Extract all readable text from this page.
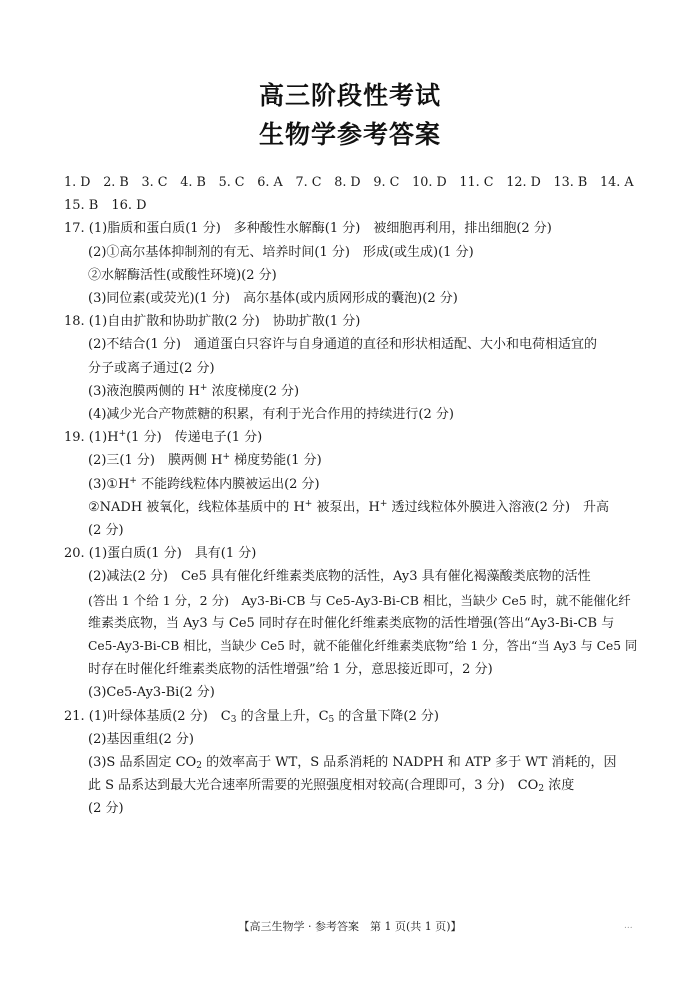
高三阶段性考试
生物学参考答案
1. D　2. B　3. C　4. B　5. C　6. A　7. C　8. D　9. C　10. D　11. C　12. D　13. B　14. A
15. B　16. D
17. (1)脂质和蛋白质(1 分)　多种酸性水解酶(1 分)　被细胞再利用，排出细胞(2 分)
(2)①高尔基体抑制剂的有无、培养时间(1 分)　形成(或生成)(1 分)
②水解酶活性(或酸性环境)(2 分)
(3)同位素(或荧光)(1 分)　高尔基体(或内质网形成的囊泡)(2 分)
18. (1)自由扩散和协助扩散(2 分)　协助扩散(1 分)
(2)不结合(1 分)　通道蛋白只容许与自身通道的直径和形状相适配、大小和电荷相适宜的
分子或离子通过(2 分)
(3)液泡膜两侧的 H+ 浓度梯度(2 分)
(4)减少光合产物蔗糖的积累，有利于光合作用的持续进行(2 分)
19. (1)H+(1 分)　传递电子(1 分)
(2)三(1 分)　膜两侧 H+ 梯度势能(1 分)
(3)①H+ 不能跨线粒体内膜被运出(2 分)
②NADH 被氧化，线粒体基质中的 H+ 被泵出，H+ 透过线粒体外膜进入溶液(2 分)　升高
(2 分)
20. (1)蛋白质(1 分)　具有(1 分)
(2)减法(2 分)　Ce5 具有催化纤维素类底物的活性，Ay3 具有催化褐藻酸类底物的活性
(答出 1 个给 1 分，2 分)　Ay3-Bi-CB 与 Ce5-Ay3-Bi-CB 相比，当缺少 Ce5 时，就不能催化纤
维素类底物，当 Ay3 与 Ce5 同时存在时催化纤维素类底物的活性增强(答出“Ay3-Bi-CB 与
Ce5-Ay3-Bi-CB 相比，当缺少 Ce5 时，就不能催化纤维素类底物”给 1 分，答出“当 Ay3 与 Ce5 同
时存在时催化纤维素类底物的活性增强”给 1 分，意思接近即可，2 分)
(3)Ce5-Ay3-Bi(2 分)
21. (1)叶绿体基质(2 分)　$C_3$ 的含量上升，$C_5$ 的含量下降(2 分)
(2)基因重组(2 分)
(3)S 品系固定 $CO_2$ 的效率高于 WT，S 品系消耗的 NADPH 和 ATP 多于 WT 消耗的，因
此 S 品系达到最大光合速率所需要的光照强度相对较高(合理即可，3 分)　$CO_2$ 浓度
(2 分)
【高三生物学 · 参考答案　第 1 页(共 1 页)】	...
